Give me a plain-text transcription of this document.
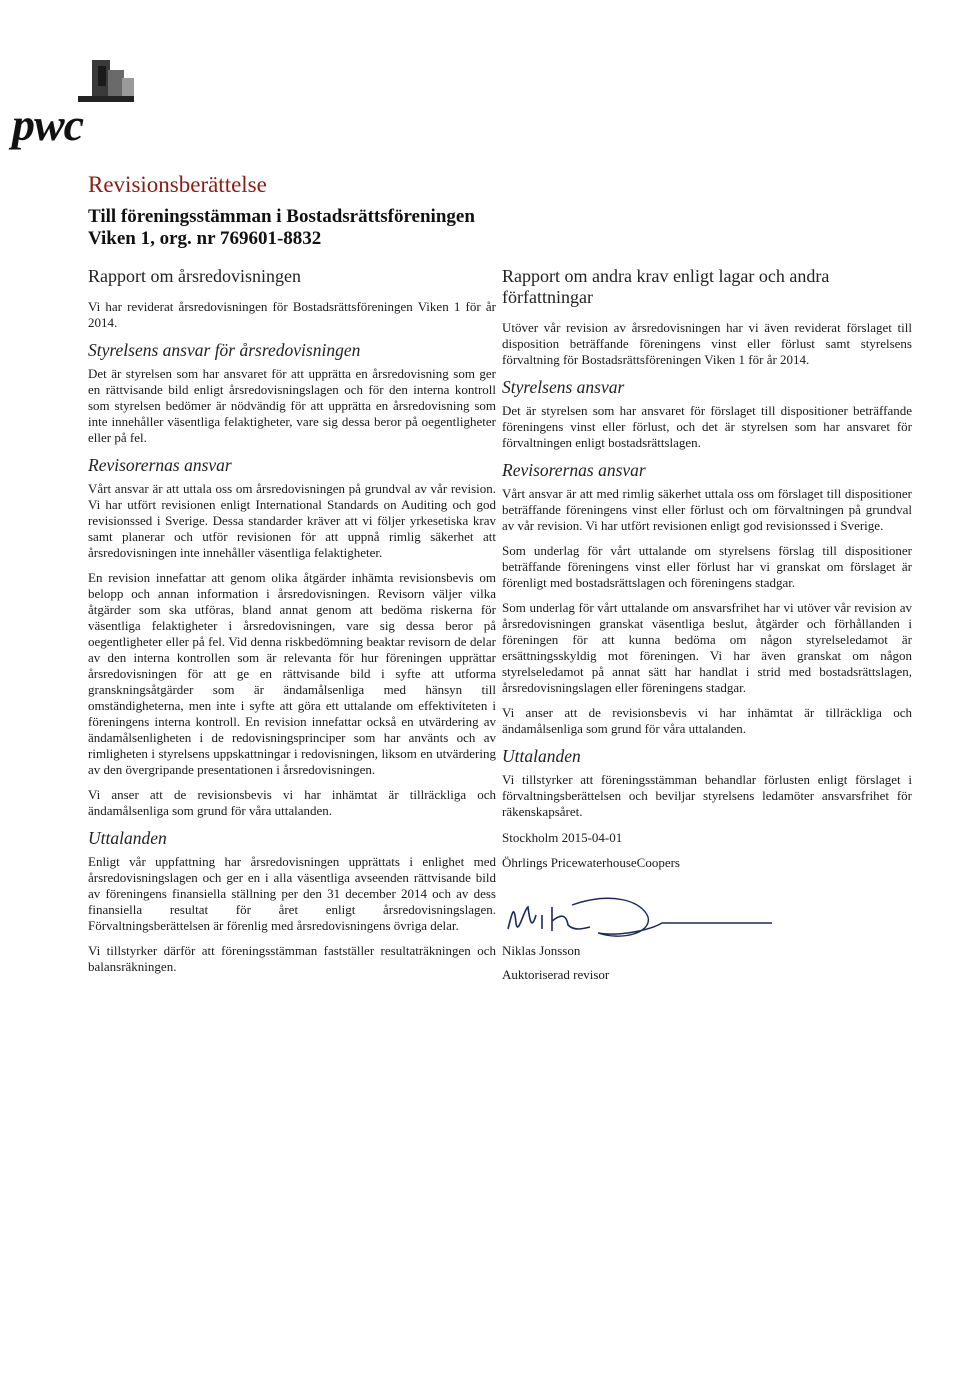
pwc
Revisionsberättelse
Till föreningsstämman i Bostadsrättsföreningen Viken 1, org. nr 769601-8832
Rapport om årsredovisningen

Vi har reviderat årsredovisningen för Bostadsrättsföreningen Viken 1 för år 2014.

Styrelsens ansvar för årsredovisningen

Det är styrelsen som har ansvaret för att upprätta en årsredovisning som ger en rättvisande bild enligt årsredovisningslagen och för den interna kontroll som styrelsen bedömer är nödvändig för att upprätta en årsredovisning som inte innehåller väsentliga felaktigheter, vare sig dessa beror på oegentligheter eller på fel.

Revisorernas ansvar

Vårt ansvar är att uttala oss om årsredovisningen på grundval av vår revision. Vi har utfört revisionen enligt International Standards on Auditing och god revisionssed i Sverige. Dessa standarder kräver att vi följer yrkesetiska krav samt planerar och utför revisionen för att uppnå rimlig säkerhet att årsredovisningen inte innehåller väsentliga felaktigheter.

En revision innefattar att genom olika åtgärder inhämta revisionsbevis om belopp och annan information i årsredovisningen. Revisorn väljer vilka åtgärder som ska utföras, bland annat genom att bedöma riskerna för väsentliga felaktigheter i årsredovisningen, vare sig dessa beror på oegentligheter eller på fel. Vid denna riskbedömning beaktar revisorn de delar av den interna kontrollen som är relevanta för hur föreningen upprättar årsredovisningen för att ge en rättvisande bild i syfte att utforma granskningsåtgärder som är ändamålsenliga med hänsyn till omständigheterna, men inte i syfte att göra ett uttalande om effektiviteten i föreningens interna kontroll. En revision innefattar också en utvärdering av ändamålsenligheten i de redovisningsprinciper som har använts och av rimligheten i styrelsens uppskattningar i redovisningen, liksom en utvärdering av den övergripande presentationen i årsredovisningen.

Vi anser att de revisionsbevis vi har inhämtat är tillräckliga och ändamålsenliga som grund för våra uttalanden.

Uttalanden

Enligt vår uppfattning har årsredovisningen upprättats i enlighet med årsredovisningslagen och ger en i alla väsentliga avseenden rättvisande bild av föreningens finansiella ställning per den 31 december 2014 och av dess finansiella resultat för året enligt årsredovisningslagen. Förvaltningsberättelsen är förenlig med årsredovisningens övriga delar.

Vi tillstyrker därför att föreningsstämman fastställer resultaträkningen och balansräkningen.

Rapport om andra krav enligt lagar och andra författningar

Utöver vår revision av årsredovisningen har vi även reviderat förslaget till disposition beträffande föreningens vinst eller förlust samt styrelsens förvaltning för Bostadsrättsföreningen Viken 1 för år 2014.

Styrelsens ansvar

Det är styrelsen som har ansvaret för förslaget till dispositioner beträffande föreningens vinst eller förlust, och det är styrelsen som har ansvaret för förvaltningen enligt bostadsrättslagen.

Revisorernas ansvar

Vårt ansvar är att med rimlig säkerhet uttala oss om förslaget till dispositioner beträffande föreningens vinst eller förlust och om förvaltningen på grundval av vår revision. Vi har utfört revisionen enligt god revisionssed i Sverige.

Som underlag för vårt uttalande om styrelsens förslag till dispositioner beträffande föreningens vinst eller förlust har vi granskat om förslaget är förenligt med bostadsrättslagen och föreningens stadgar.

Som underlag för vårt uttalande om ansvarsfrihet har vi utöver vår revision av årsredovisningen granskat väsentliga beslut, åtgärder och förhållanden i föreningen för att kunna bedöma om någon styrelseledamot är ersättningsskyldig mot föreningen. Vi har även granskat om någon styrelseledamot på annat sätt har handlat i strid med bostadsrättslagen, årsredovisningslagen eller föreningens stadgar.

Vi anser att de revisionsbevis vi har inhämtat är tillräckliga och ändamålsenliga som grund för våra uttalanden.

Uttalanden

Vi tillstyrker att föreningsstämman behandlar förlusten enligt förslaget i förvaltningsberättelsen och beviljar styrelsens ledamöter ansvarsfrihet för räkenskapsåret.

Stockholm 2015-04-01

Öhrlings PricewaterhouseCoopers

Niklas Jonsson

Auktoriserad revisor
